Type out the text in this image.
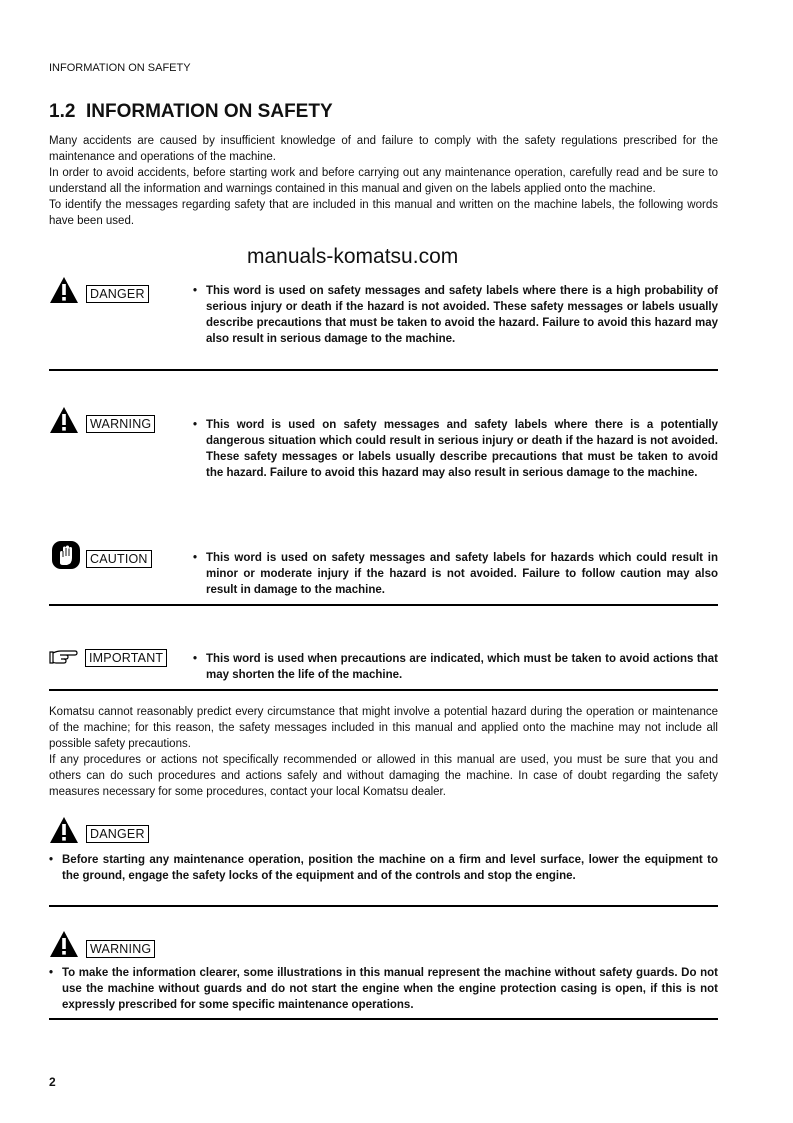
INFORMATION ON SAFETY
1.2 INFORMATION ON SAFETY

Many accidents are caused by insufficient knowledge of and failure to comply with the safety regulations prescribed for the maintenance and operations of the machine.

In order to avoid accidents, before starting work and before carrying out any maintenance operation, carefully read and be sure to understand all the information and warnings contained in this manual and given on the labels applied onto the machine.

To identify the messages regarding safety that are included in this manual and written on the machine labels, the following words have been used.

manuals-komatsu.com
DANGER	• This word is used on safety messages and safety labels where there is a high probability of serious injury or death if the hazard is not avoided. These safety messages or labels usually describe precautions that must be taken to avoid the hazard. Failure to avoid this hazard may also result in serious damage to the machine.
WARNING	• This word is used on safety messages and safety labels where there is a potentially dangerous situation which could result in serious injury or death if the hazard is not avoided. These safety messages or labels usually describe precautions that must be taken to avoid the hazard. Failure to avoid this hazard may also result in serious damage to the machine.
CAUTION	• This word is used on safety messages and safety labels for hazards which could result in minor or moderate injury if the hazard is not avoided. Failure to follow caution may also result in damage to the machine.
IMPORTANT	• This word is used when precautions are indicated, which must be taken to avoid actions that may shorten the life of the machine.

Komatsu cannot reasonably predict every circumstance that might involve a potential hazard during the operation or maintenance of the machine; for this reason, the safety messages included in this manual and applied onto the machine may not include all possible safety precautions.

If any procedures or actions not specifically recommended or allowed in this manual are used, you must be sure that you and others can do such procedures and actions safely and without damaging the machine. In case of doubt regarding the safety measures necessary for some procedures, contact your local Komatsu dealer.

DANGER
• Before starting any maintenance operation, position the machine on a firm and level surface, lower the equipment to the ground, engage the safety locks of the equipment and of the controls and stop the engine.
WARNING
• To make the information clearer, some illustrations in this manual represent the machine without safety guards. Do not use the machine without guards and do not start the engine when the engine protection casing is open, if this is not expressly prescribed for some specific maintenance operations.
2
